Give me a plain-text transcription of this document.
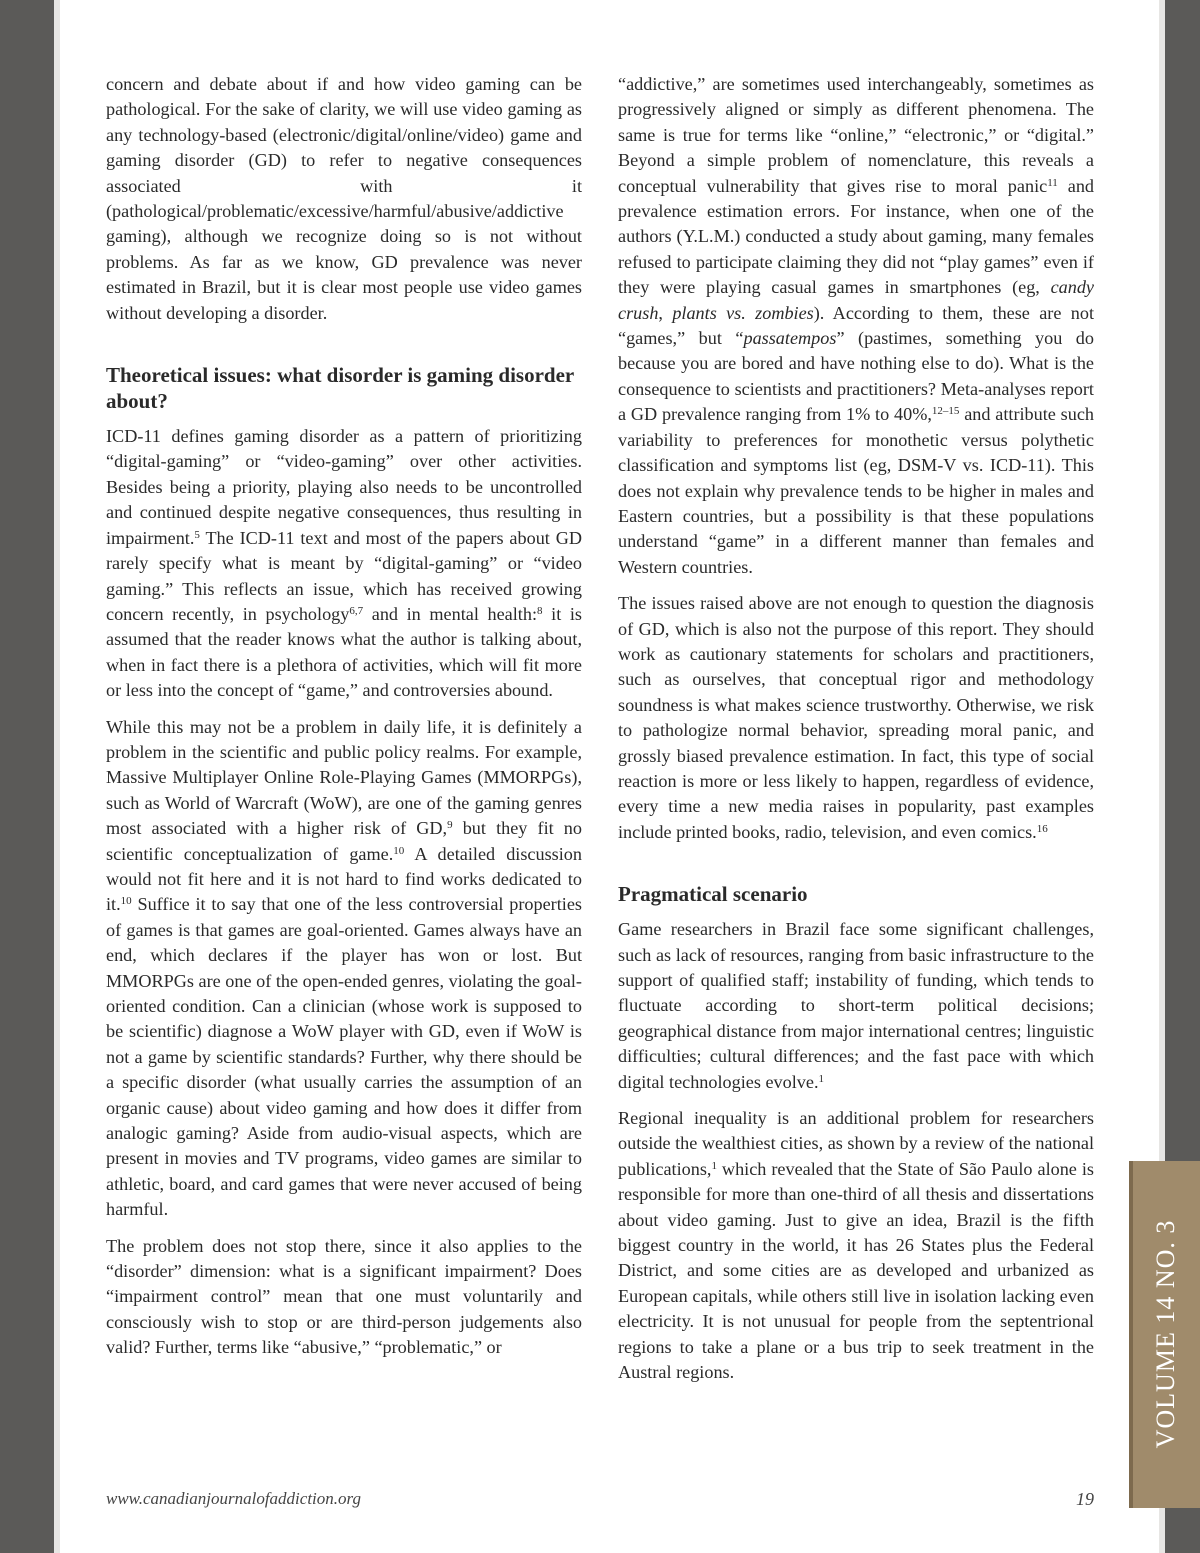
concern and debate about if and how video gaming can be pathological. For the sake of clarity, we will use video gaming as any technology-based (electronic/digital/online/video) game and gaming disorder (GD) to refer to negative consequences associated with it (pathological/problematic/excessive/harmful/abusive/addictive gaming), although we recognize doing so is not without problems. As far as we know, GD prevalence was never estimated in Brazil, but it is clear most people use video games without developing a disorder.

Theoretical issues: what disorder is gaming disorder about?

ICD-11 defines gaming disorder as a pattern of prioritizing “digital-gaming” or “video-gaming” over other activities. Besides being a priority, playing also needs to be uncontrolled and continued despite negative consequences, thus resulting in impairment.$^5$ The ICD-11 text and most of the papers about GD rarely specify what is meant by “digital-gaming” or “video gaming.” This reflects an issue, which has received growing concern recently, in psychology$^{6,7}$ and in mental health:$^8$ it is assumed that the reader knows what the author is talking about, when in fact there is a plethora of activities, which will fit more or less into the concept of “game,” and controversies abound.

While this may not be a problem in daily life, it is definitely a problem in the scientific and public policy realms. For example, Massive Multiplayer Online Role-Playing Games (MMORPGs), such as World of Warcraft (WoW), are one of the gaming genres most associated with a higher risk of GD,$^9$ but they fit no scientific conceptualization of game.$^{10}$ A detailed discussion would not fit here and it is not hard to find works dedicated to it.$^{10}$ Suffice it to say that one of the less controversial properties of games is that games are goal-oriented. Games always have an end, which declares if the player has won or lost. But MMORPGs are one of the open-ended genres, violating the goal-oriented condition. Can a clinician (whose work is supposed to be scientific) diagnose a WoW player with GD, even if WoW is not a game by scientific standards? Further, why there should be a specific disorder (what usually carries the assumption of an organic cause) about video gaming and how does it differ from analogic gaming? Aside from audio-visual aspects, which are present in movies and TV programs, video games are similar to athletic, board, and card games that were never accused of being harmful.

The problem does not stop there, since it also applies to the “disorder” dimension: what is a significant impairment? Does “impairment control” mean that one must voluntarily and consciously wish to stop or are third-person judgements also valid? Further, terms like “abusive,” “problematic,” or

“addictive,” are sometimes used interchangeably, sometimes as progressively aligned or simply as different phenomena. The same is true for terms like “online,” “electronic,” or “digital.” Beyond a simple problem of nomenclature, this reveals a conceptual vulnerability that gives rise to moral panic$^{11}$ and prevalence estimation errors. For instance, when one of the authors (Y.L.M.) conducted a study about gaming, many females refused to participate claiming they did not “play games” even if they were playing casual games in smartphones (eg, candy crush, plants vs. zombies). According to them, these are not “games,” but “passatempos” (pastimes, something you do because you are bored and have nothing else to do). What is the consequence to scientists and practitioners? Meta-analyses report a GD prevalence ranging from 1% to 40%,$^{12-15}$ and attribute such variability to preferences for monothetic versus polythetic classification and symptoms list (eg, DSM-V vs. ICD-11). This does not explain why prevalence tends to be higher in males and Eastern countries, but a possibility is that these populations understand “game” in a different manner than females and Western countries.

The issues raised above are not enough to question the diagnosis of GD, which is also not the purpose of this report. They should work as cautionary statements for scholars and practitioners, such as ourselves, that conceptual rigor and methodology soundness is what makes science trustworthy. Otherwise, we risk to pathologize normal behavior, spreading moral panic, and grossly biased prevalence estimation. In fact, this type of social reaction is more or less likely to happen, regardless of evidence, every time a new media raises in popularity, past examples include printed books, radio, television, and even comics.$^{16}$

Pragmatical scenario

Game researchers in Brazil face some significant challenges, such as lack of resources, ranging from basic infrastructure to the support of qualified staff; instability of funding, which tends to fluctuate according to short-term political decisions; geographical distance from major international centres; linguistic difficulties; cultural differences; and the fast pace with which digital technologies evolve.$^1$

Regional inequality is an additional problem for researchers outside the wealthiest cities, as shown by a review of the national publications,$^1$ which revealed that the State of São Paulo alone is responsible for more than one-third of all thesis and dissertations about video gaming. Just to give an idea, Brazil is the fifth biggest country in the world, it has 26 States plus the Federal District, and some cities are as developed and urbanized as European capitals, while others still live in isolation lacking even electricity. It is not unusual for people from the septentrional regions to take a plane or a bus trip to seek treatment in the Austral regions.	VOLUME 14 NO. 3
www.canadianjournalofaddiction.org	19
